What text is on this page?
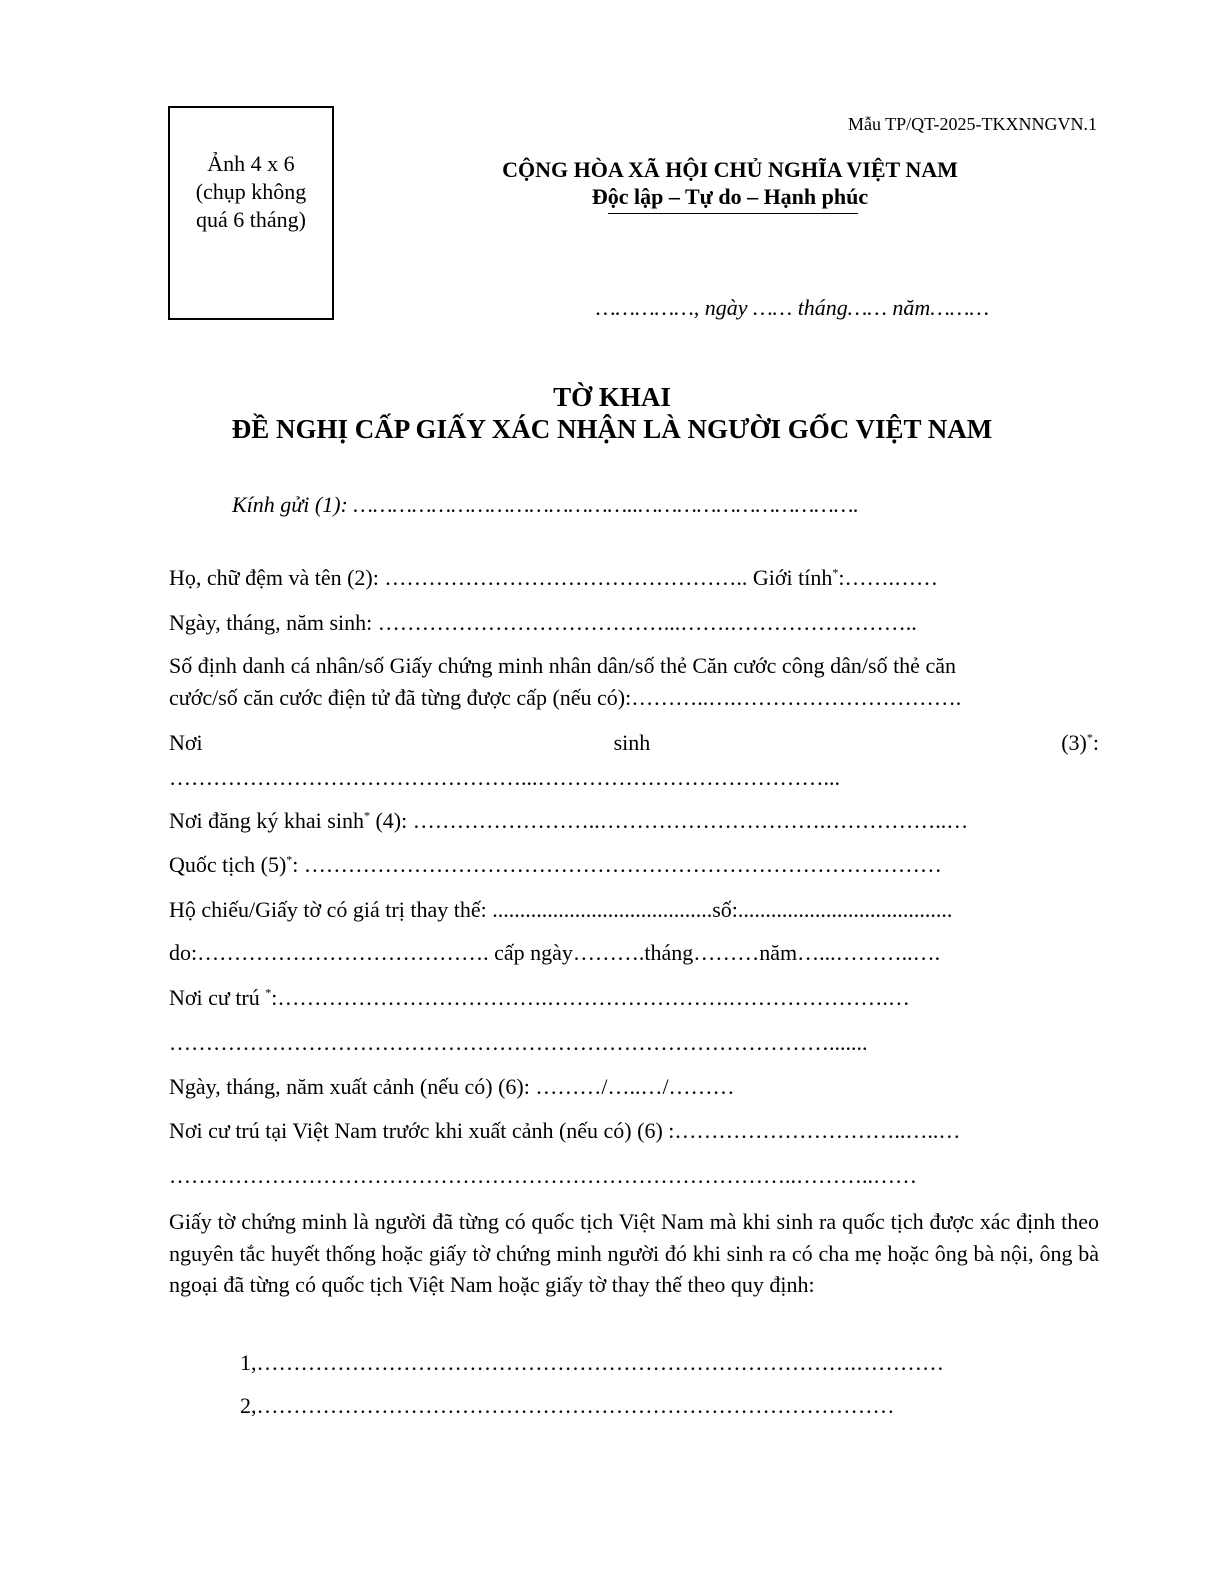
Ảnh 4 x 6
(chụp không
quá 6 tháng)
Mẫu TP/QT-2025-TKXNNGVN.1
CỘNG HÒA XÃ HỘI CHỦ NGHĨA VIỆT NAM
Độc lập – Tự do – Hạnh phúc
……………, ngày …… tháng…… năm………
TỜ KHAI
ĐỀ NGHỊ CẤP GIẤY XÁC NHẬN LÀ NGƯỜI GỐC VIỆT NAM
Kính gửi (1): ……………………………………..…………………………….
Họ, chữ đệm và tên (2): ………………………………………….. Giới tính*:…….……
Ngày, tháng, năm sinh: …………………………………...…….……………………..
Số định danh cá nhân/số Giấy chứng minh nhân dân/số thẻ Căn cước công dân/số thẻ căn
cước/số căn cước điện tử đã từng được cấp (nếu có):………..….………………………….
Nơi	sinh	(3)*:
…………………………………………...…………………………………...
Nơi đăng ký khai sinh* (4): ……………………..………………………….……………..…
Quốc tịch (5)*: ……………………………………………………………………………
Hộ chiếu/Giấy tờ có giá trị thay thế: ........................................số:.......................................
do:…………………………………. cấp ngày……….tháng………năm…...………..….
Nơi cư trú *:……………………………….…………………….………………….…
……………………………………………………………………………….......
Ngày, tháng, năm xuất cảnh (nếu có) (6): ………/…..…/………
Nơi cư trú tại Việt Nam trước khi xuất cảnh (nếu có) (6) :…………………………..…..…
…………………………………………………………………………..………..……
Giấy tờ chứng minh là người đã từng có quốc tịch Việt Nam mà khi sinh ra quốc tịch được xác định theo nguyên tắc huyết thống hoặc giấy tờ chứng minh người đó khi sinh ra có cha mẹ hoặc ông bà nội, ông bà ngoại đã từng có quốc tịch Việt Nam hoặc giấy tờ thay thế theo quy định:
1,……………………………………………………………………….…………
2,……………………………………………………………………………
